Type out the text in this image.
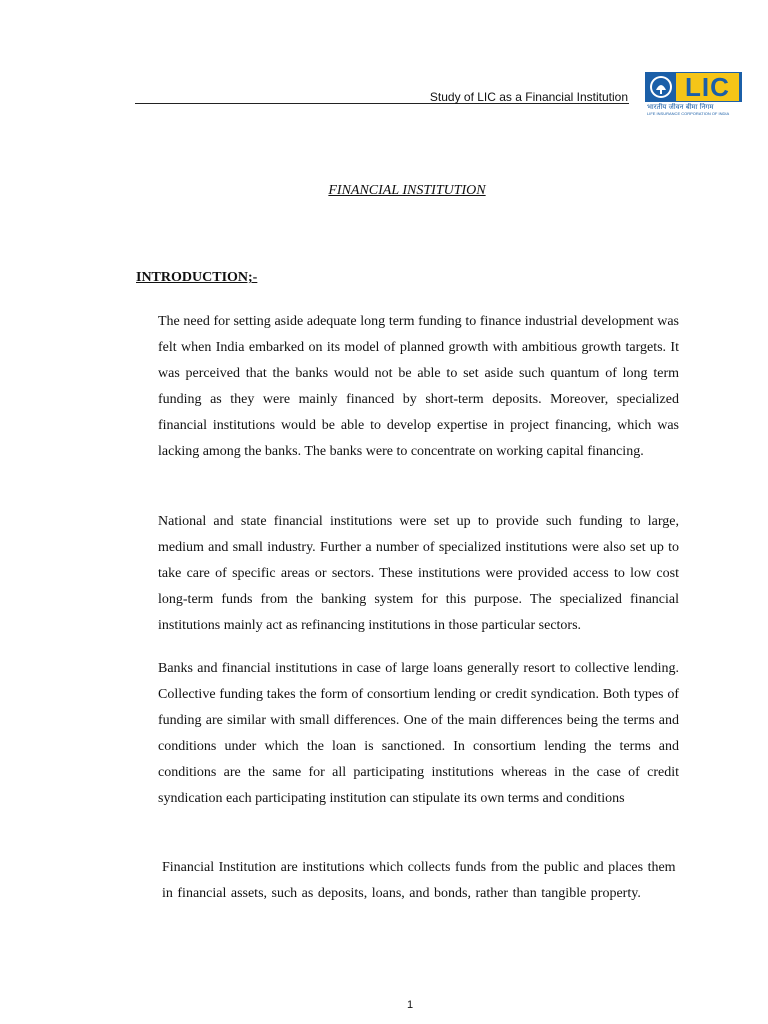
Study of LIC as a Financial Institution	LIC
भारतीय जीवन बीमा निगम
LIFE INSURANCE CORPORATION OF INDIA
FINANCIAL INSTITUTION
INTRODUCTION;-

The need for setting aside adequate long term funding to finance industrial development was felt when India embarked on its model of planned growth with ambitious growth targets. It was perceived that the banks would not be able to set aside such quantum of long term funding as they were mainly financed by short-term deposits. Moreover, specialized financial institutions would be able to develop expertise in project financing, which was lacking among the banks. The banks were to concentrate on working capital financing.

National and state financial institutions were set up to provide such funding to large, medium and small industry. Further a number of specialized institutions were also set up to take care of specific areas or sectors. These institutions were provided access to low cost long-term funds from the banking system for this purpose. The specialized financial institutions mainly act as refinancing institutions in those particular sectors.

Banks and financial institutions in case of large loans generally resort to collective lending. Collective funding takes the form of consortium lending or credit syndication. Both types of funding are similar with small differences. One of the main differences being the terms and conditions under which the loan is sanctioned. In consortium lending the terms and conditions are the same for all participating institutions whereas in the case of credit syndication each participating institution can stipulate its own terms and conditions

Financial Institution are institutions which collects funds from the public and places them in financial assets, such as deposits, loans, and bonds, rather than tangible property.

1
